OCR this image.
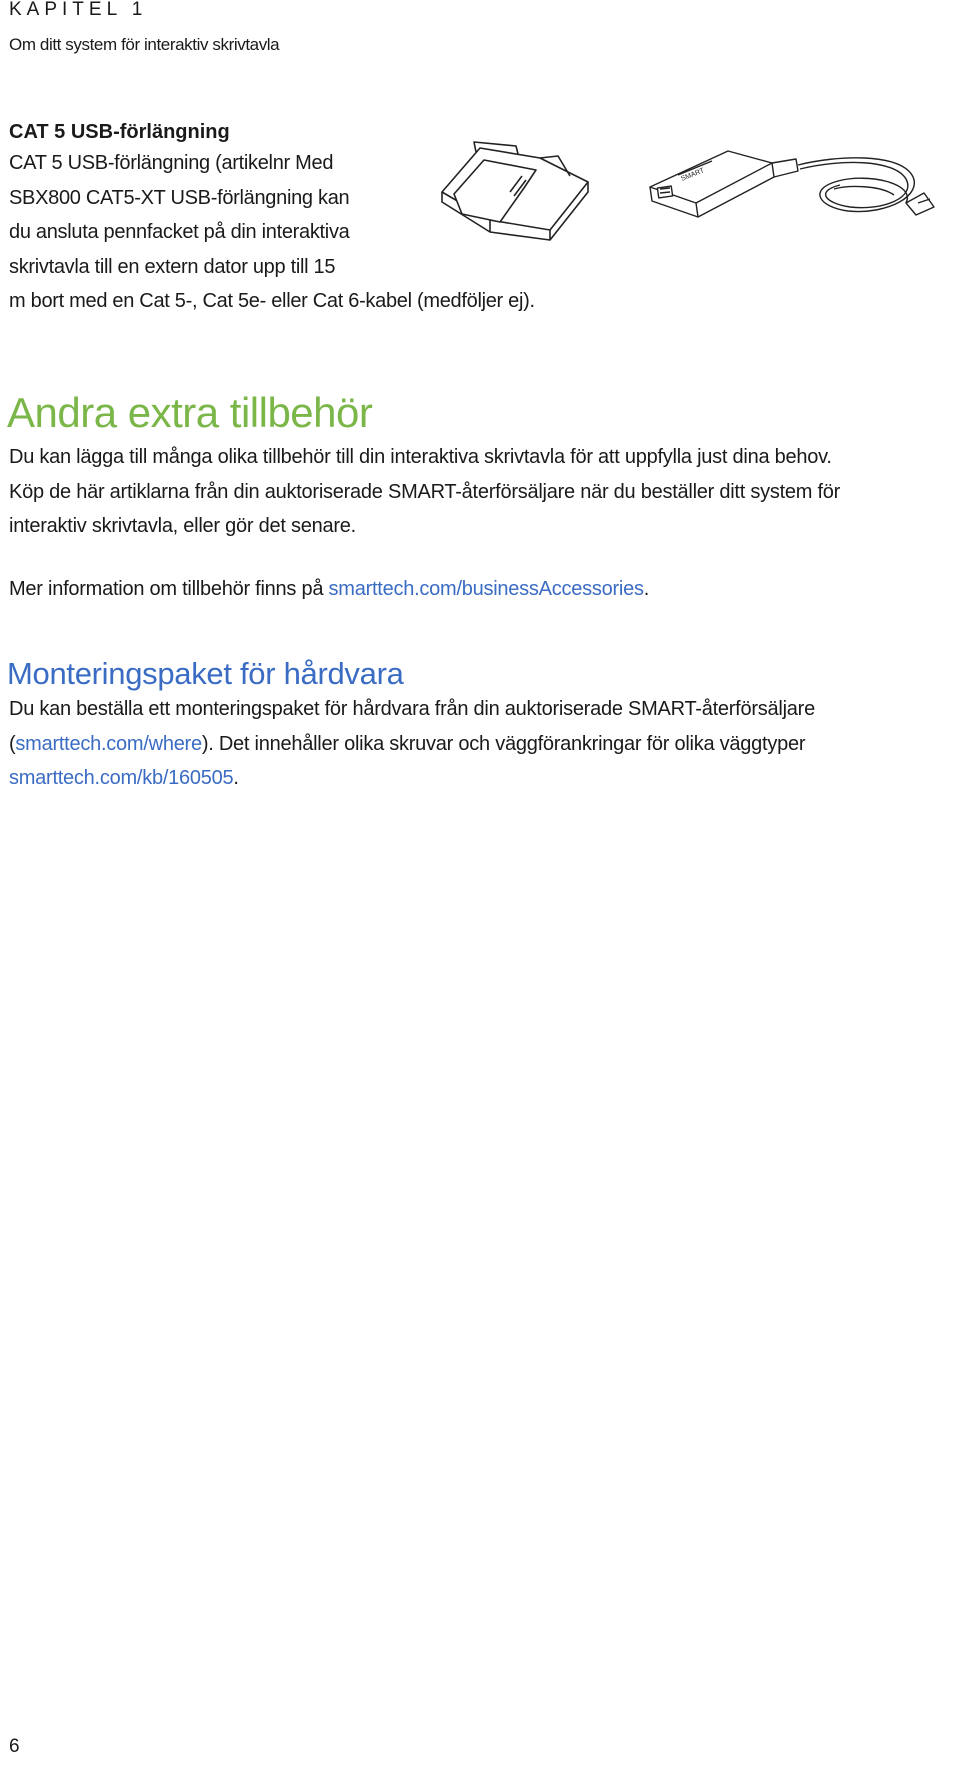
KAPITEL 1
Om ditt system för interaktiv skrivtavla

CAT 5 USB-förlängning

CAT 5 USB-förlängning (artikelnr Med
SBX800 CAT5-XT USB-förlängning kan
du ansluta pennfacket på din interaktiva
skrivtavla till en extern dator upp till 15
m bort med en Cat 5-, Cat 5e- eller Cat 6-kabel (medföljer ej).

SMART
Andra extra tillbehör

Du kan lägga till många olika tillbehör till din interaktiva skrivtavla för att uppfylla just dina behov.
Köp de här artiklarna från din auktoriserade SMART-återförsäljare när du beställer ditt system för
interaktiv skrivtavla, eller gör det senare.

Mer information om tillbehör finns på smarttech.com/businessAccessories.

Monteringspaket för hårdvara

Du kan beställa ett monteringspaket för hårdvara från din auktoriserade SMART-återförsäljare
(smarttech.com/where). Det innehåller olika skruvar och väggförankringar för olika väggtyper
smarttech.com/kb/160505.

6
